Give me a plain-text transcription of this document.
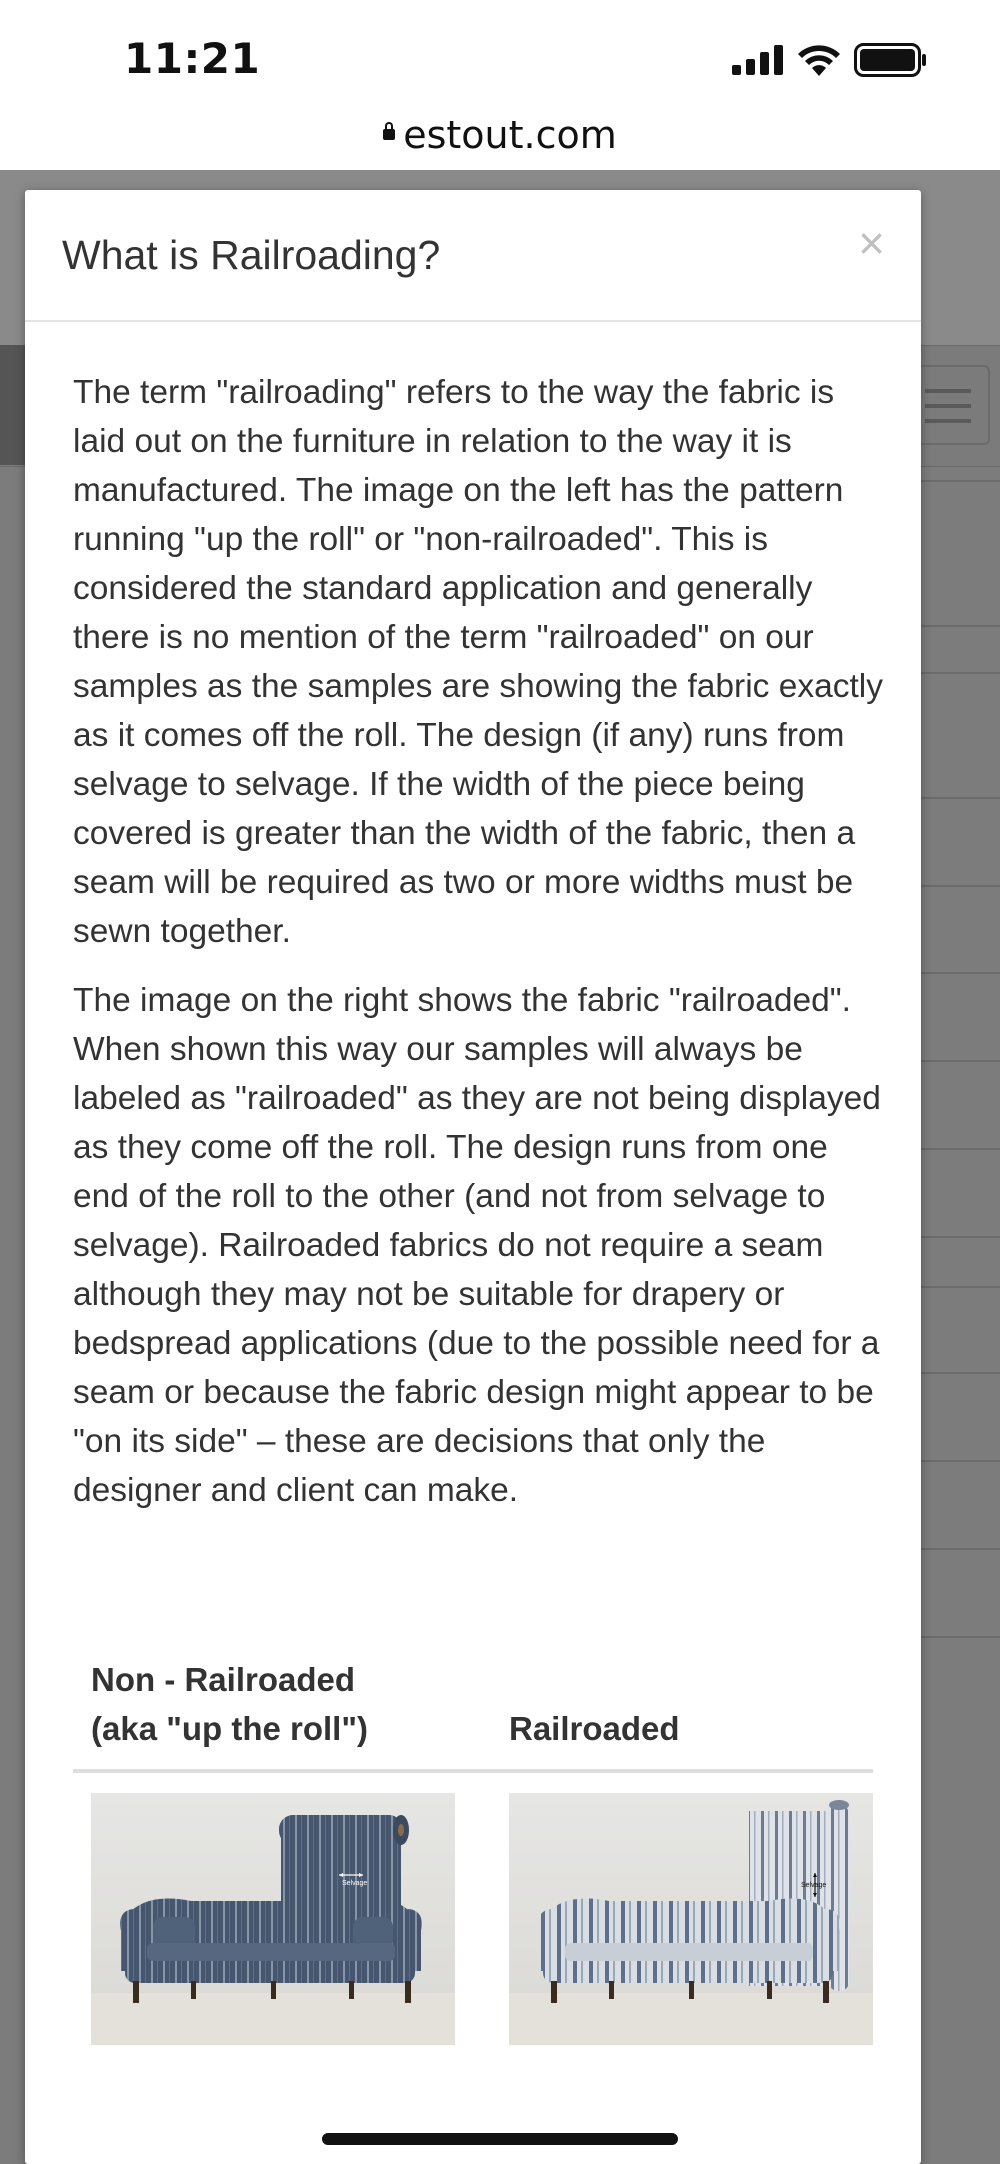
11:21
estout.com
What is Railroading?	×

The term "railroading" refers to the way the fabric is laid out on the furniture in relation to the way it is manufactured. The image on the left has the pattern running "up the roll" or "non-railroaded". This is considered the standard application and generally there is no mention of the term "railroaded" on our samples as the samples are showing the fabric exactly as it comes off the roll. The design (if any) runs from selvage to selvage. If the width of the piece being covered is greater than the width of the fabric, then a seam will be required as two or more widths must be sewn together.

The image on the right shows the fabric "railroaded". When shown this way our samples will always be labeled as "railroaded" as they are not being displayed as they come off the roll. The design runs from one end of the roll to the other (and not from selvage to selvage). Railroaded fabrics do not require a seam although they may not be suitable for drapery or bedspread applications (due to the possible need for a seam or because the fabric design might appear to be "on its side" – these are decisions that only the designer and client can make.

Non - Railroaded
(aka "up the roll")	Railroaded

Selvage	Selvage
